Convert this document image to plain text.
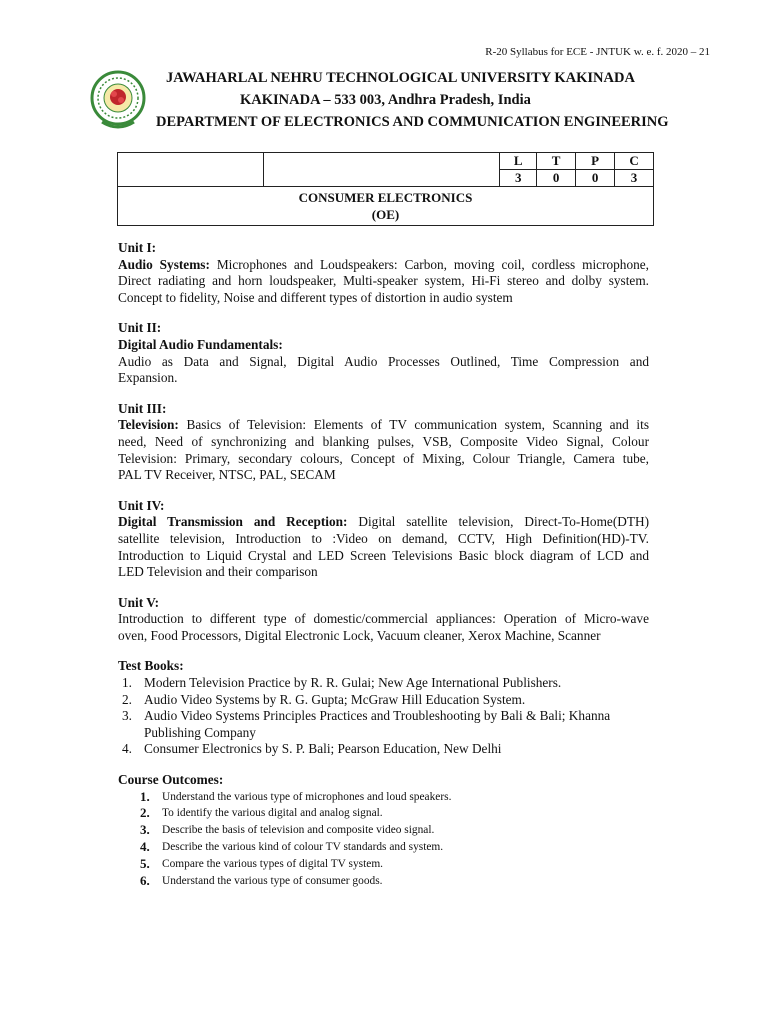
R-20 Syllabus for ECE - JNTUK w. e. f. 2020 – 21
JAWAHARLAL NEHRU TECHNOLOGICAL UNIVERSITY KAKINADA
KAKINADA – 533 003, Andhra Pradesh, India
DEPARTMENT OF ELECTRONICS AND COMMUNICATION ENGINEERING
		L	T	P	C
		3	0	0	3

CONSUMER ELECTRONICS
(OE)					
Unit I:
Audio Systems: Microphones and Loudspeakers: Carbon, moving coil, cordless microphone,
Direct radiating and horn loudspeaker, Multi-speaker system, Hi-Fi stereo and dolby system.
Concept to fidelity, Noise and different types of distortion in audio system
Unit II:
Digital Audio Fundamentals:
Audio as Data and Signal, Digital Audio Processes Outlined, Time Compression and
Expansion.
Unit III:
Television: Basics of Television: Elements of TV communication system, Scanning and its
need, Need of synchronizing and blanking pulses, VSB, Composite Video Signal, Colour
Television: Primary, secondary colours, Concept of Mixing, Colour Triangle, Camera tube,
PAL TV Receiver, NTSC, PAL, SECAM
Unit IV:
Digital Transmission and Reception: Digital satellite television, Direct-To-Home(DTH)
satellite television, Introduction to :Video on demand, CCTV, High Definition(HD)-TV.
Introduction to Liquid Crystal and LED Screen Televisions Basic block diagram of LCD and
LED Television and their comparison
Unit V:
Introduction to different type of domestic/commercial appliances: Operation of Micro-wave
oven, Food Processors, Digital Electronic Lock, Vacuum cleaner, Xerox Machine, Scanner
Test Books:
1. Modern Television Practice by R. R. Gulai; New Age International Publishers.
2. Audio Video Systems by R. G. Gupta; McGraw Hill Education System.
3. Audio Video Systems Principles Practices and Troubleshooting by Bali & Bali; Khanna Publishing Company
4. Consumer Electronics by S. P. Bali; Pearson Education, New Delhi
Course Outcomes:
1. Understand the various type of microphones and loud speakers.
2. To identify the various digital and analog signal.
3. Describe the basis of television and composite video signal.
4. Describe the various kind of colour TV standards and system.
5. Compare the various types of digital TV system.
6. Understand the various type of consumer goods.
